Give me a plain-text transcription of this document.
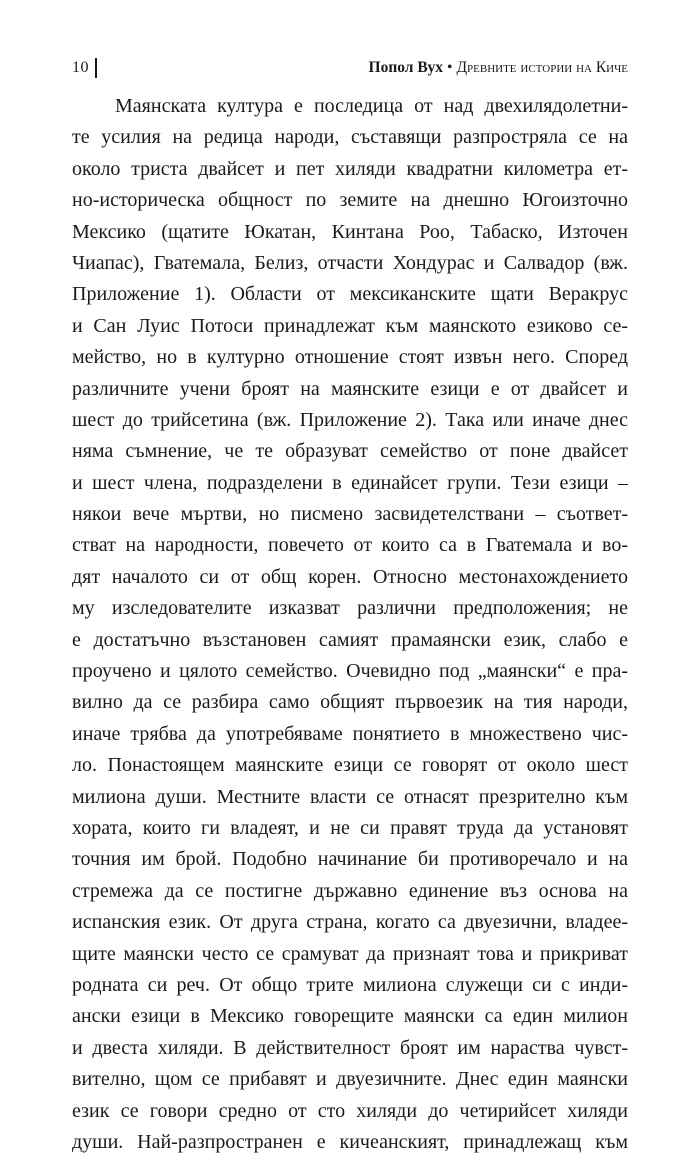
10	Попол Вух • Древните истории на Киче
Маянската култура е последица от над двехилядолетни-
те усилия на редица народи, съставящи разпростряла се на
около триста двайсет и пет хиляди квадратни километра ет-
но-историческа общност по земите на днешно Югоизточно
Мексико (щатите Юкатан, Кинтана Роо, Табаско, Източен
Чиапас), Гватемала, Белиз, отчасти Хондурас и Салвадор (вж.
Приложение 1). Области от мексиканските щати Веракрус
и Сан Луис Потоси принадлежат към маянското езиково се-
мейство, но в културно отношение стоят извън него. Според
различните учени броят на маянските езици е от двайсет и
шест до трийсетина (вж. Приложение 2). Така или иначе днес
няма съмнение, че те образуват семейство от поне двайсет
и шест члена, подразделени в единайсет групи. Тези езици –
някои вече мъртви, но писмено засвидетелствани – съответ-
стват на народности, повечето от които са в Гватемала и во-
дят началото си от общ корен. Относно местонахождението
му изследователите изказват различни предположения; не
е достатъчно възстановен самият прамаянски език, слабо е
проучено и цялото семейство. Очевидно под „маянски“ е пра-
вилно да се разбира само общият първоезик на тия народи,
иначе трябва да употребяваме понятието в множествено чис-
ло. Понастоящем маянските езици се говорят от около шест
милиона души. Местните власти се отнасят презрително към
хората, които ги владеят, и не си правят труда да установят
точния им брой. Подобно начинание би противоречало и на
стремежа да се постигне държавно единение въз основа на
испанския език. От друга страна, когато са двуезични, владее-
щите маянски често се срамуват да признаят това и прикриват
родната си реч. От общо трите милиона служещи си с инди-
ански езици в Мексико говорещите маянски са един милион
и двеста хиляди. В действителност броят им нараства чувст-
вително, щом се прибавят и двуезичните. Днес един маянски
език се говори средно от сто хиляди до четирийсет хиляди
души. Най-разпространен е кичеанският, принадлежащ към
